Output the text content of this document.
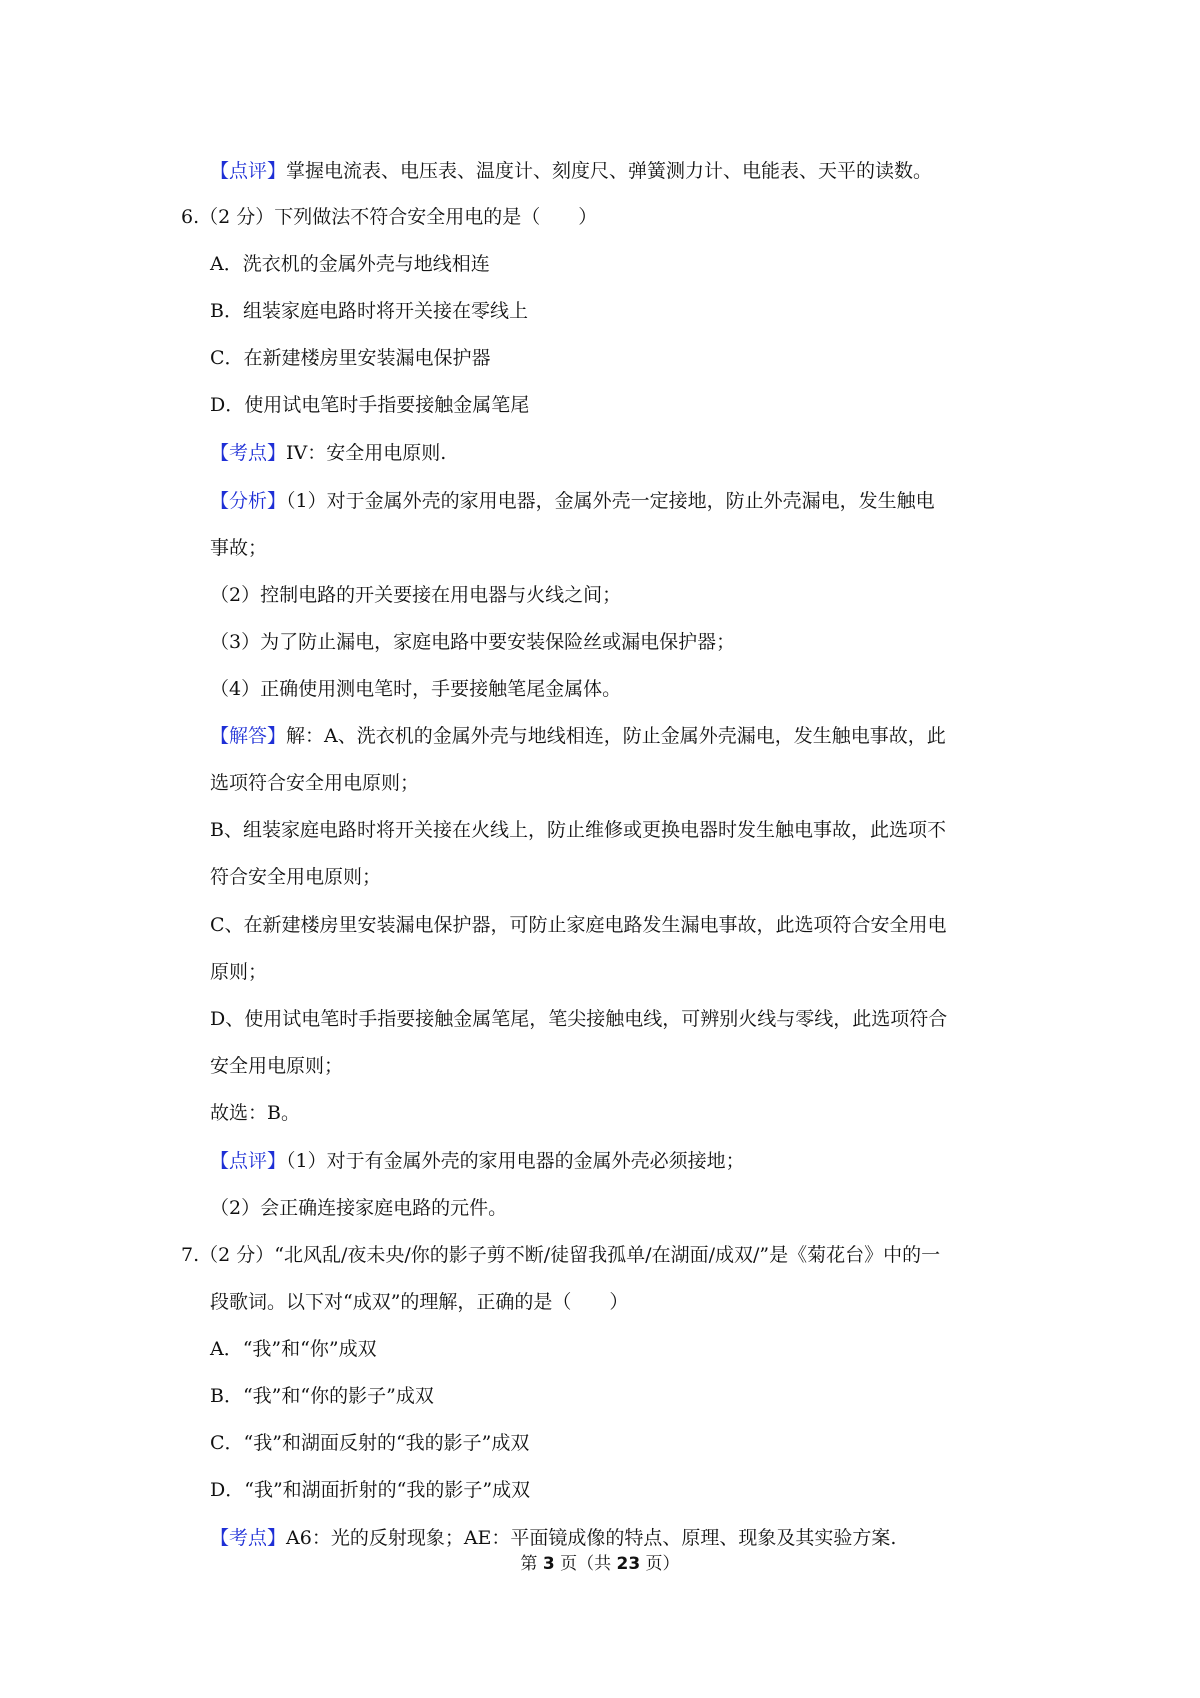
【点评】掌握电流表、电压表、温度计、刻度尺、弹簧测力计、电能表、天平的读数。
6.（2 分）下列做法不符合安全用电的是（　　）
A．洗衣机的金属外壳与地线相连
B．组装家庭电路时将开关接在零线上
C．在新建楼房里安装漏电保护器
D．使用试电笔时手指要接触金属笔尾
【考点】IV：安全用电原则.
【分析】（1）对于金属外壳的家用电器，金属外壳一定接地，防止外壳漏电，发生触电
事故；
（2）控制电路的开关要接在用电器与火线之间；
（3）为了防止漏电，家庭电路中要安装保险丝或漏电保护器；
（4）正确使用测电笔时，手要接触笔尾金属体。
【解答】解：A、洗衣机的金属外壳与地线相连，防止金属外壳漏电，发生触电事故，此
选项符合安全用电原则；
B、组装家庭电路时将开关接在火线上，防止维修或更换电器时发生触电事故，此选项不
符合安全用电原则；
C、在新建楼房里安装漏电保护器，可防止家庭电路发生漏电事故，此选项符合安全用电
原则；
D、使用试电笔时手指要接触金属笔尾，笔尖接触电线，可辨别火线与零线，此选项符合
安全用电原则；
故选：B。
【点评】（1）对于有金属外壳的家用电器的金属外壳必须接地；
（2）会正确连接家庭电路的元件。
7.（2 分）“北风乱/夜未央/你的影子剪不断/徒留我孤单/在湖面/成双/”是《菊花台》中的一
段歌词。以下对“成双”的理解，正确的是（　　）
A．“我”和“你”成双
B．“我”和“你的影子”成双
C．“我”和湖面反射的“我的影子”成双
D．“我”和湖面折射的“我的影子”成双
【考点】A6：光的反射现象；AE：平面镜成像的特点、原理、现象及其实验方案.
第 3 页（共 23 页）
